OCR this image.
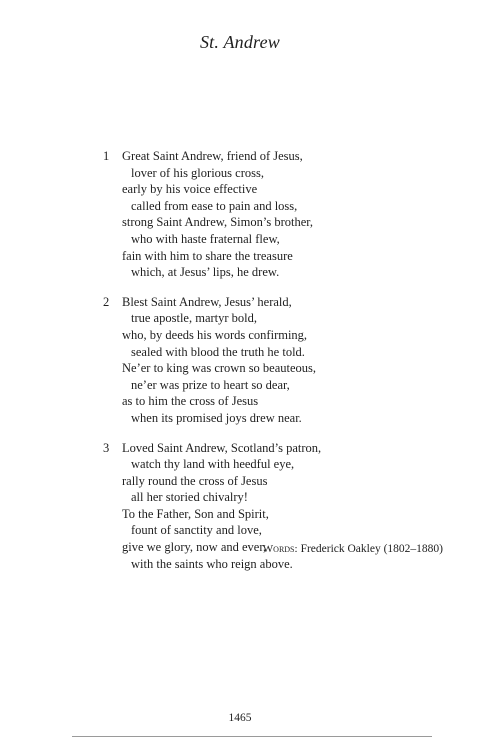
St. Andrew
1 Great Saint Andrew, friend of Jesus,
lover of his glorious cross,
early by his voice effective
called from ease to pain and loss,
strong Saint Andrew, Simon’s brother,
who with haste fraternal flew,
fain with him to share the treasure
which, at Jesus’ lips, he drew.
2 Blest Saint Andrew, Jesus’ herald,
true apostle, martyr bold,
who, by deeds his words confirming,
sealed with blood the truth he told.
Ne’er to king was crown so beauteous,
ne’er was prize to heart so dear,
as to him the cross of Jesus
when its promised joys drew near.
3 Loved Saint Andrew, Scotland’s patron,
watch thy land with heedful eye,
rally round the cross of Jesus
all her storied chivalry!
To the Father, Son and Spirit,
fount of sanctity and love,
give we glory, now and ever,
with the saints who reign above.
Words: Frederick Oakley (1802–1880)
1465
